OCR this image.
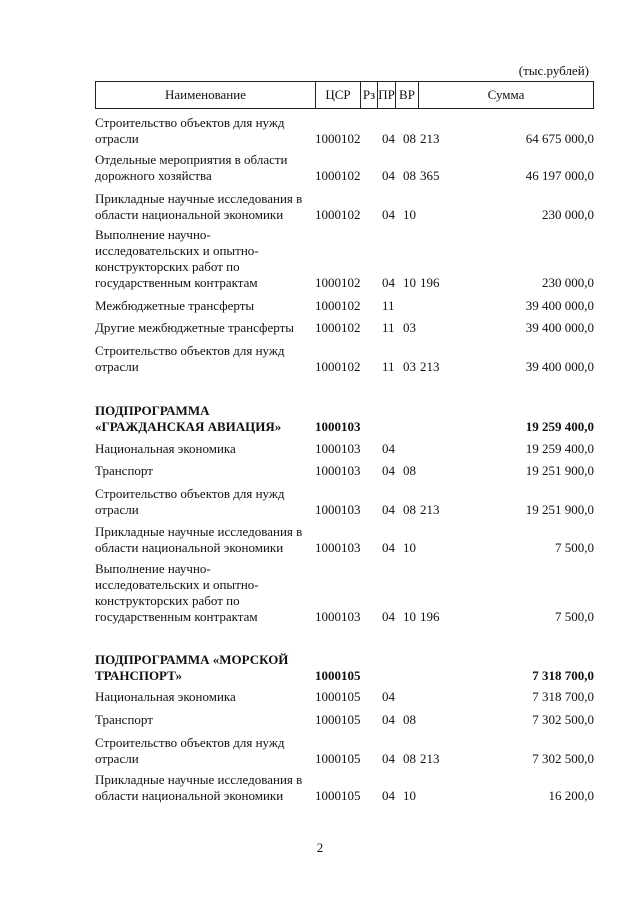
(тыс.рублей)
Наименование	ЦСР Рз ПР ВР	Сумма
Строительство объектов для нужд отрасли	1000102 04 08 213	64 675 000,0
Отдельные мероприятия в области дорожного хозяйства	1000102 04 08 365	46 197 000,0
Прикладные научные исследования в области национальной экономики	1000102 04 10	230 000,0
Выполнение научно-исследовательских и опытно-конструкторских работ по государственным контрактам	1000102 04 10 196	230 000,0
Межбюджетные трансферты	1000102 11	39 400 000,0
Другие межбюджетные трансферты	1000102 11 03	39 400 000,0
Строительство объектов для нужд отрасли	1000102 11 03 213	39 400 000,0
ПОДПРОГРАММА «ГРАЖДАНСКАЯ АВИАЦИЯ»	1000103	19 259 400,0
Национальная экономика	1000103 04	19 259 400,0
Транспорт	1000103 04 08	19 251 900,0
Строительство объектов для нужд отрасли	1000103 04 08 213	19 251 900,0
Прикладные научные исследования в области национальной экономики	1000103 04 10	7 500,0
Выполнение научно-исследовательских и опытно-конструкторских работ по государственным контрактам	1000103 04 10 196	7 500,0
ПОДПРОГРАММА «МОРСКОЙ ТРАНСПОРТ»	1000105	7 318 700,0
Национальная экономика	1000105 04	7 318 700,0
Транспорт	1000105 04 08	7 302 500,0
Строительство объектов для нужд отрасли	1000105 04 08 213	7 302 500,0
Прикладные научные исследования в области национальной экономики	1000105 04 10	16 200,0
2
